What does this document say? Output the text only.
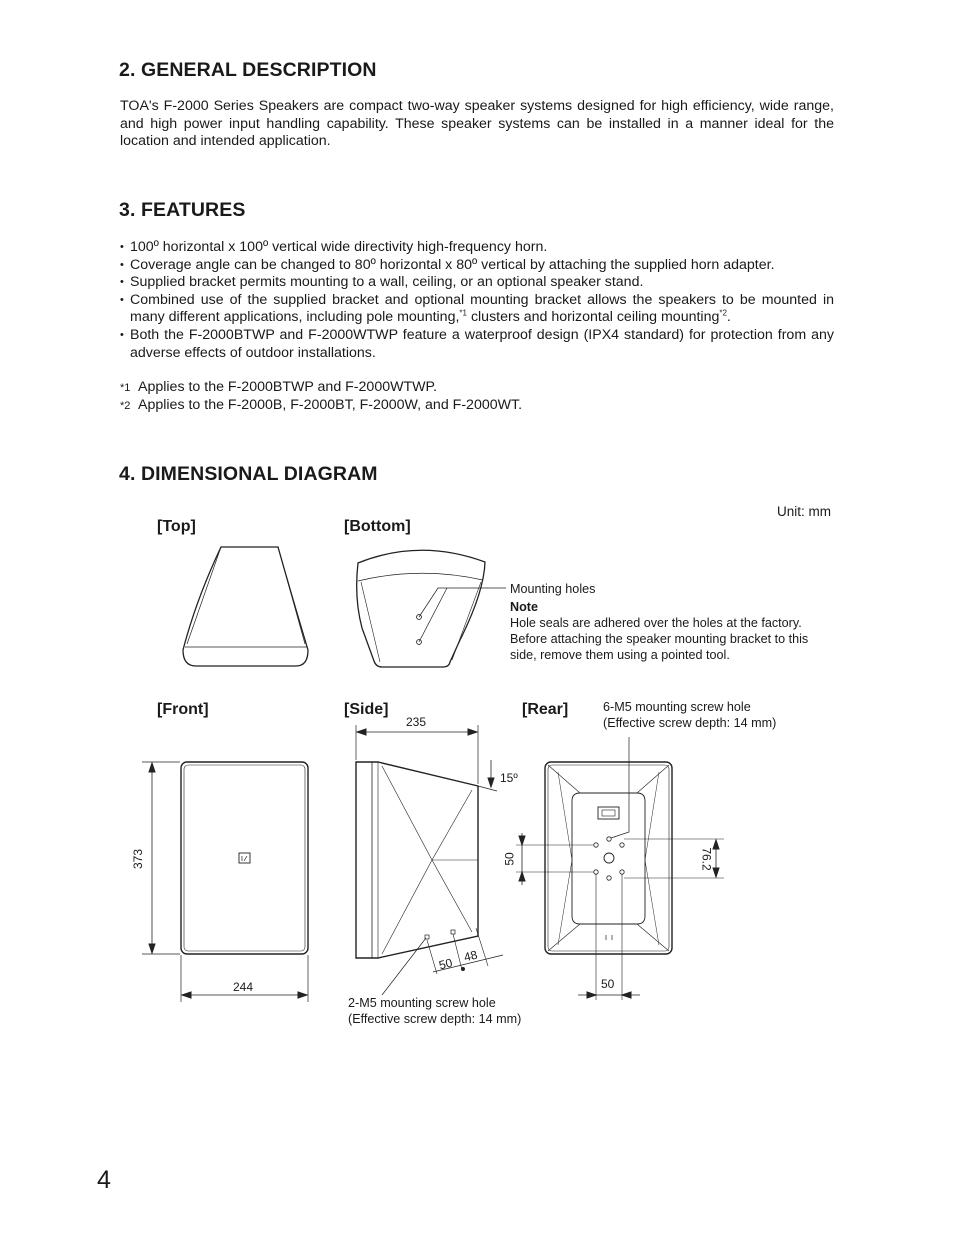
2. GENERAL DESCRIPTION

TOA's F-2000 Series Speakers are compact two-way speaker systems designed for high efficiency, wide range, and high power input handling capability. These speaker systems can be installed in a manner ideal for the location and intended application.

3. FEATURES
• 100º horizontal x 100º vertical wide directivity high-frequency horn.
• Coverage angle can be changed to 80º horizontal x 80º vertical by attaching the supplied horn adapter.
• Supplied bracket permits mounting to a wall, ceiling, or an optional speaker stand.
• Combined use of the supplied bracket and optional mounting bracket allows the speakers to be mounted in many different applications, including pole mounting,$^{*1}$ clusters and horizontal ceiling mounting$^{*2}$.
• Both the F-2000BTWP and F-2000WTWP feature a waterproof design (IPX4 standard) for protection from any adverse effects of outdoor installations.
*1 Applies to the F-2000BTWP and F-2000WTWP.
*2 Applies to the F-2000B, F-2000BT, F-2000W, and F-2000WT.
4. DIMENSIONAL DIAGRAM
Unit: mm
[Top]	[Bottom]
[Front]	[Side]	[Rear]
Mounting holes
Note
Hole seals are adhered over the holes at the factory. Before attaching the speaker mounting bracket to this side, remove them using a pointed tool.
6-M5 mounting screw hole
(Effective screw depth: 14 mm)
2-M5 mounting screw hole
(Effective screw depth: 14 mm)
235
15º
373
244
50	76.2
50
50 48
4
